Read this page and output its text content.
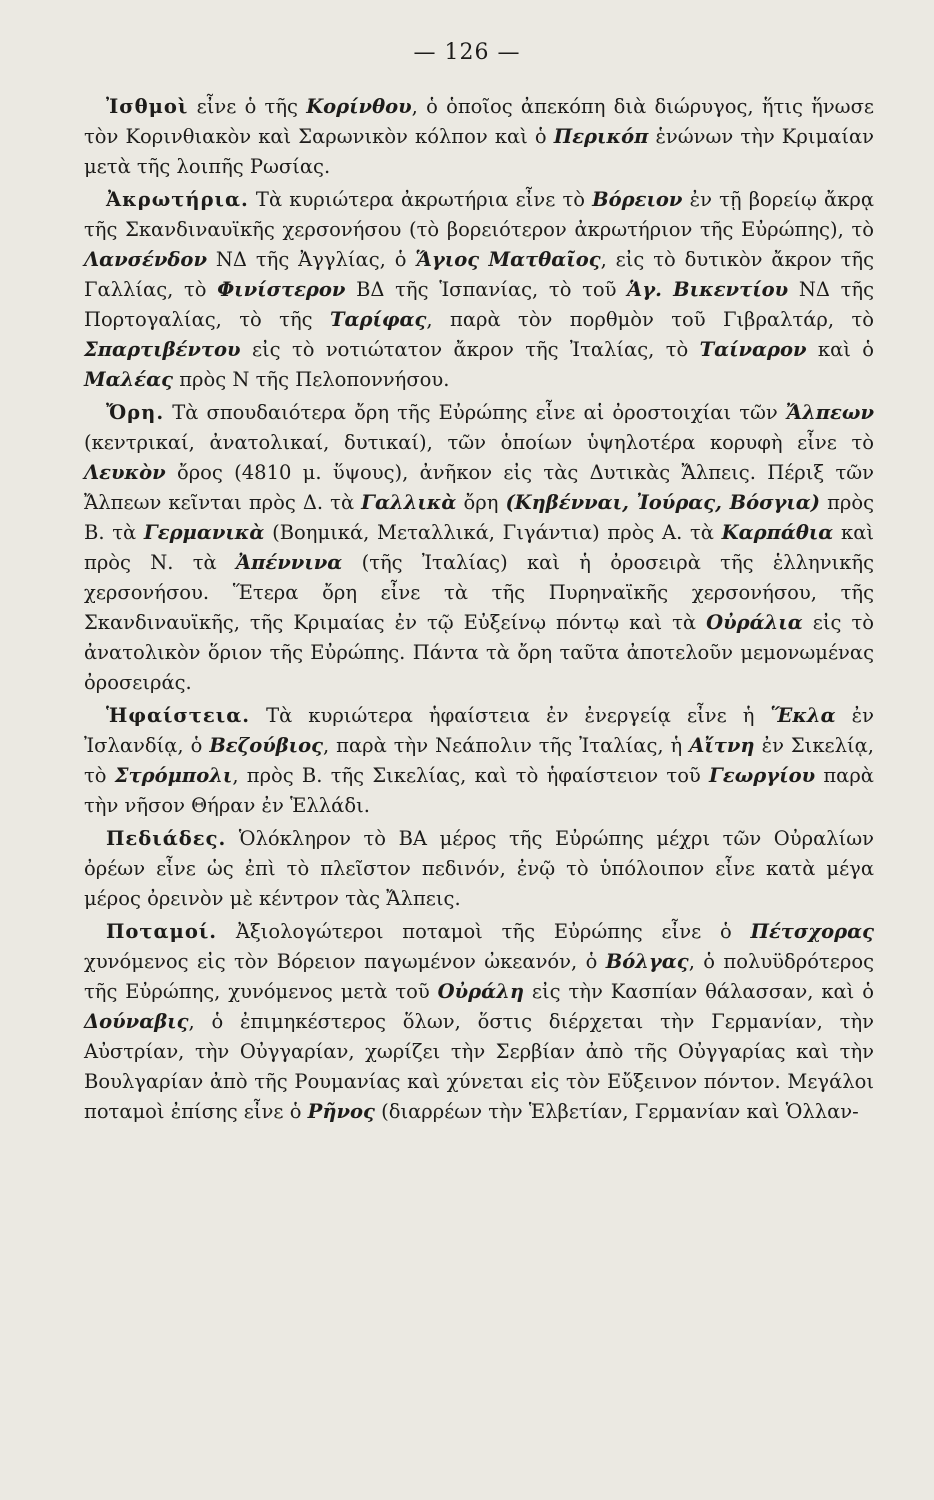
— 126 —

Ἰσθμοὶ εἶνε ὁ τῆς Κορίνθου, ὁ ὁποῖος ἀπεκόπη διὰ διώρυγος, ἥτις ἥνωσε τὸν Κορινθιακὸν καὶ Σαρωνικὸν κόλπον καὶ ὁ Περικόπ ἑνώνων τὴν Κριμαίαν μετὰ τῆς λοιπῆς Ρωσίας.

Ἀκρωτήρια. Τὰ κυριώτερα ἀκρωτήρια εἶνε τὸ Βόρειον ἐν τῇ βορείῳ ἄκρᾳ τῆς Σκανδιναυϊκῆς χερσονήσου (τὸ βορειότερον ἀκρωτήριον τῆς Εὐρώπης), τὸ Λανσένδον ΝΔ τῆς Ἀγγλίας, ὁ Ἅγιος Ματθαῖος, εἰς τὸ δυτικὸν ἄκρον τῆς Γαλλίας, τὸ Φινίστερον ΒΔ τῆς Ἱσπανίας, τὸ τοῦ Ἁγ. Βικεντίου ΝΔ τῆς Πορτογαλίας, τὸ τῆς Ταρίφας, παρὰ τὸν πορθμὸν τοῦ Γιβραλτάρ, τὸ Σπαρτιβέντου εἰς τὸ νοτιώτατον ἄκρον τῆς Ἰταλίας, τὸ Ταίναρον καὶ ὁ Μαλέας πρὸς Ν τῆς Πελοποννήσου.

Ὄρη. Τὰ σπουδαιότερα ὄρη τῆς Εὐρώπης εἶνε αἱ ὀροστοιχίαι τῶν Ἄλπεων (κεντρικαί, ἀνατολικαί, δυτικαί), τῶν ὁποίων ὑψηλοτέρα κορυφὴ εἶνε τὸ Λευκὸν ὄρος (4810 μ. ὕψους), ἀνῆκον εἰς τὰς Δυτικὰς Ἄλπεις. Πέριξ τῶν Ἄλπεων κεῖνται πρὸς Δ. τὰ Γαλλικὰ ὄρη (Κηβένναι, Ἰούρας, Βόσγια) πρὸς Β. τὰ Γερμανικὰ (Βοημικά, Μεταλλικά, Γιγάντια) πρὸς Α. τὰ Καρπάθια καὶ πρὸς Ν. τὰ Ἀπέννινα (τῆς Ἰταλίας) καὶ ἡ ὀροσειρὰ τῆς ἑλληνικῆς χερσονήσου. Ἕτερα ὄρη εἶνε τὰ τῆς Πυρηναϊκῆς χερσονήσου, τῆς Σκανδιναυϊκῆς, τῆς Κριμαίας ἐν τῷ Εὐξείνῳ πόντῳ καὶ τὰ Οὐράλια εἰς τὸ ἀνατολικὸν ὅριον τῆς Εὐρώπης. Πάντα τὰ ὄρη ταῦτα ἀποτελοῦν μεμονωμένας ὀροσειράς.

Ἡφαίστεια. Τὰ κυριώτερα ἡφαίστεια ἐν ἐνεργείᾳ εἶνε ἡ Ἕκλα ἐν Ἰσλανδίᾳ, ὁ Βεζούβιος, παρὰ τὴν Νεάπολιν τῆς Ἰταλίας, ἡ Αἴτνη ἐν Σικελίᾳ, τὸ Στρόμπολι, πρὸς Β. τῆς Σικελίας, καὶ τὸ ἡφαίστειον τοῦ Γεωργίου παρὰ τὴν νῆσον Θήραν ἐν Ἑλλάδι.

Πεδιάδες. Ὁλόκληρον τὸ ΒΑ μέρος τῆς Εὐρώπης μέχρι τῶν Οὐραλίων ὀρέων εἶνε ὡς ἐπὶ τὸ πλεῖστον πεδινόν, ἐνῷ τὸ ὑπόλοιπον εἶνε κατὰ μέγα μέρος ὀρεινὸν μὲ κέντρον τὰς Ἄλπεις.

Ποταμοί. Ἀξιολογώτεροι ποταμοὶ τῆς Εὐρώπης εἶνε ὁ Πέτσχορας χυνόμενος εἰς τὸν Βόρειον παγωμένον ὠκεανόν, ὁ Βόλγας, ὁ πολυϋδρότερος τῆς Εὐρώπης, χυνόμενος μετὰ τοῦ Οὐράλη εἰς τὴν Κασπίαν θάλασσαν, καὶ ὁ Δούναβις, ὁ ἐπιμηκέστερος ὅλων, ὅστις διέρχεται τὴν Γερμανίαν, τὴν Αὐστρίαν, τὴν Οὐγγαρίαν, χωρίζει τὴν Σερβίαν ἀπὸ τῆς Οὐγγαρίας καὶ τὴν Βουλγαρίαν ἀπὸ τῆς Ρουμανίας καὶ χύνεται εἰς τὸν Εὔξεινον πόντον. Μεγάλοι ποταμοὶ ἐπίσης εἶνε ὁ Ρῆνος (διαρρέων τὴν Ἑλβετίαν, Γερμανίαν καὶ Ὁλλαν-
